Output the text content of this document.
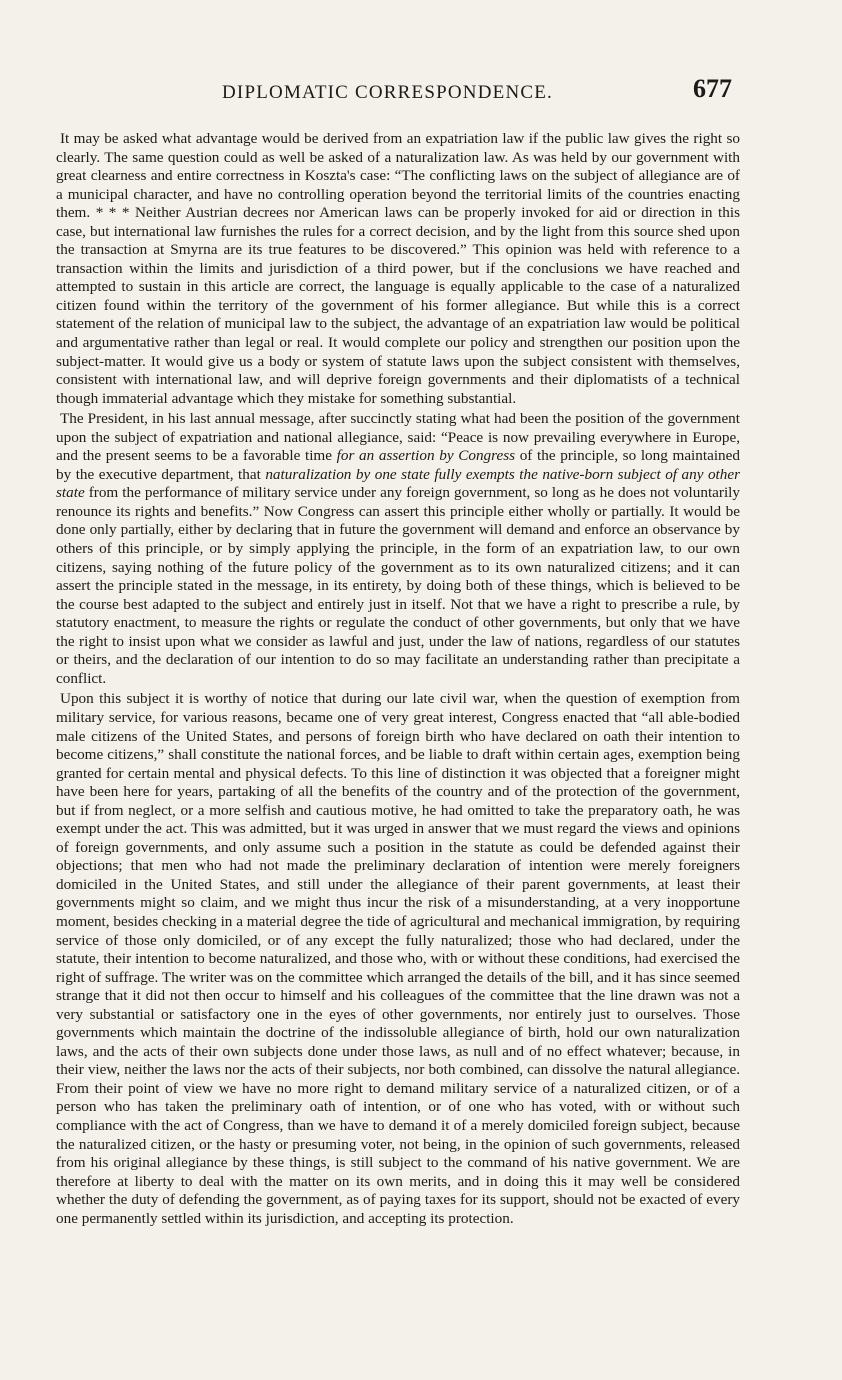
DIPLOMATIC CORRESPONDENCE.	677

It may be asked what advantage would be derived from an expatriation law if the public law gives the right so clearly. The same question could as well be asked of a naturalization law. As was held by our government with great clearness and entire correctness in Koszta's case: “The conflicting laws on the subject of allegiance are of a municipal character, and have no controlling operation beyond the territorial limits of the countries enacting them. * * * Neither Austrian decrees nor American laws can be properly invoked for aid or direction in this case, but international law furnishes the rules for a correct decision, and by the light from this source shed upon the transaction at Smyrna are its true features to be discovered.” This opinion was held with reference to a transaction within the limits and jurisdiction of a third power, but if the conclusions we have reached and attempted to sustain in this article are correct, the language is equally applicable to the case of a naturalized citizen found within the territory of the government of his former allegiance. But while this is a correct statement of the relation of municipal law to the subject, the advantage of an expatriation law would be political and argumentative rather than legal or real. It would complete our policy and strengthen our position upon the subject-matter. It would give us a body or system of statute laws upon the subject consistent with themselves, consistent with international law, and will deprive foreign governments and their diplomatists of a technical though immaterial advantage which they mistake for something substantial.

The President, in his last annual message, after succinctly stating what had been the position of the government upon the subject of expatriation and national allegiance, said: “Peace is now prevailing everywhere in Europe, and the present seems to be a favorable time for an assertion by Congress of the principle, so long maintained by the executive department, that naturalization by one state fully exempts the native-born subject of any other state from the performance of military service under any foreign government, so long as he does not voluntarily renounce its rights and benefits.” Now Congress can assert this principle either wholly or partially. It would be done only partially, either by declaring that in future the government will demand and enforce an observance by others of this principle, or by simply applying the principle, in the form of an expatriation law, to our own citizens, saying nothing of the future policy of the government as to its own naturalized citizens; and it can assert the principle stated in the message, in its entirety, by doing both of these things, which is believed to be the course best adapted to the subject and entirely just in itself. Not that we have a right to prescribe a rule, by statutory enactment, to measure the rights or regulate the conduct of other governments, but only that we have the right to insist upon what we consider as lawful and just, under the law of nations, regardless of our statutes or theirs, and the declaration of our intention to do so may facilitate an understanding rather than precipitate a conflict.

Upon this subject it is worthy of notice that during our late civil war, when the question of exemption from military service, for various reasons, became one of very great interest, Congress enacted that “all able-bodied male citizens of the United States, and persons of foreign birth who have declared on oath their intention to become citizens,” shall constitute the national forces, and be liable to draft within certain ages, exemption being granted for certain mental and physical defects. To this line of distinction it was objected that a foreigner might have been here for years, partaking of all the benefits of the country and of the protection of the government, but if from neglect, or a more selfish and cautious motive, he had omitted to take the preparatory oath, he was exempt under the act. This was admitted, but it was urged in answer that we must regard the views and opinions of foreign governments, and only assume such a position in the statute as could be defended against their objections; that men who had not made the preliminary declaration of intention were merely foreigners domiciled in the United States, and still under the allegiance of their parent governments, at least their governments might so claim, and we might thus incur the risk of a misunderstanding, at a very inopportune moment, besides checking in a material degree the tide of agricultural and mechanical immigration, by requiring service of those only domiciled, or of any except the fully naturalized; those who had declared, under the statute, their intention to become naturalized, and those who, with or without these conditions, had exercised the right of suffrage. The writer was on the committee which arranged the details of the bill, and it has since seemed strange that it did not then occur to himself and his colleagues of the committee that the line drawn was not a very substantial or satisfactory one in the eyes of other governments, nor entirely just to ourselves. Those governments which maintain the doctrine of the indissoluble allegiance of birth, hold our own naturalization laws, and the acts of their own subjects done under those laws, as null and of no effect whatever; because, in their view, neither the laws nor the acts of their subjects, nor both combined, can dissolve the natural allegiance. From their point of view we have no more right to demand military service of a naturalized citizen, or of a person who has taken the preliminary oath of intention, or of one who has voted, with or without such compliance with the act of Congress, than we have to demand it of a merely domiciled foreign subject, because the naturalized citizen, or the hasty or presuming voter, not being, in the opinion of such governments, released from his original allegiance by these things, is still subject to the command of his native government. We are therefore at liberty to deal with the matter on its own merits, and in doing this it may well be considered whether the duty of defending the government, as of paying taxes for its support, should not be exacted of every one permanently settled within its jurisdiction, and accepting its protection.
